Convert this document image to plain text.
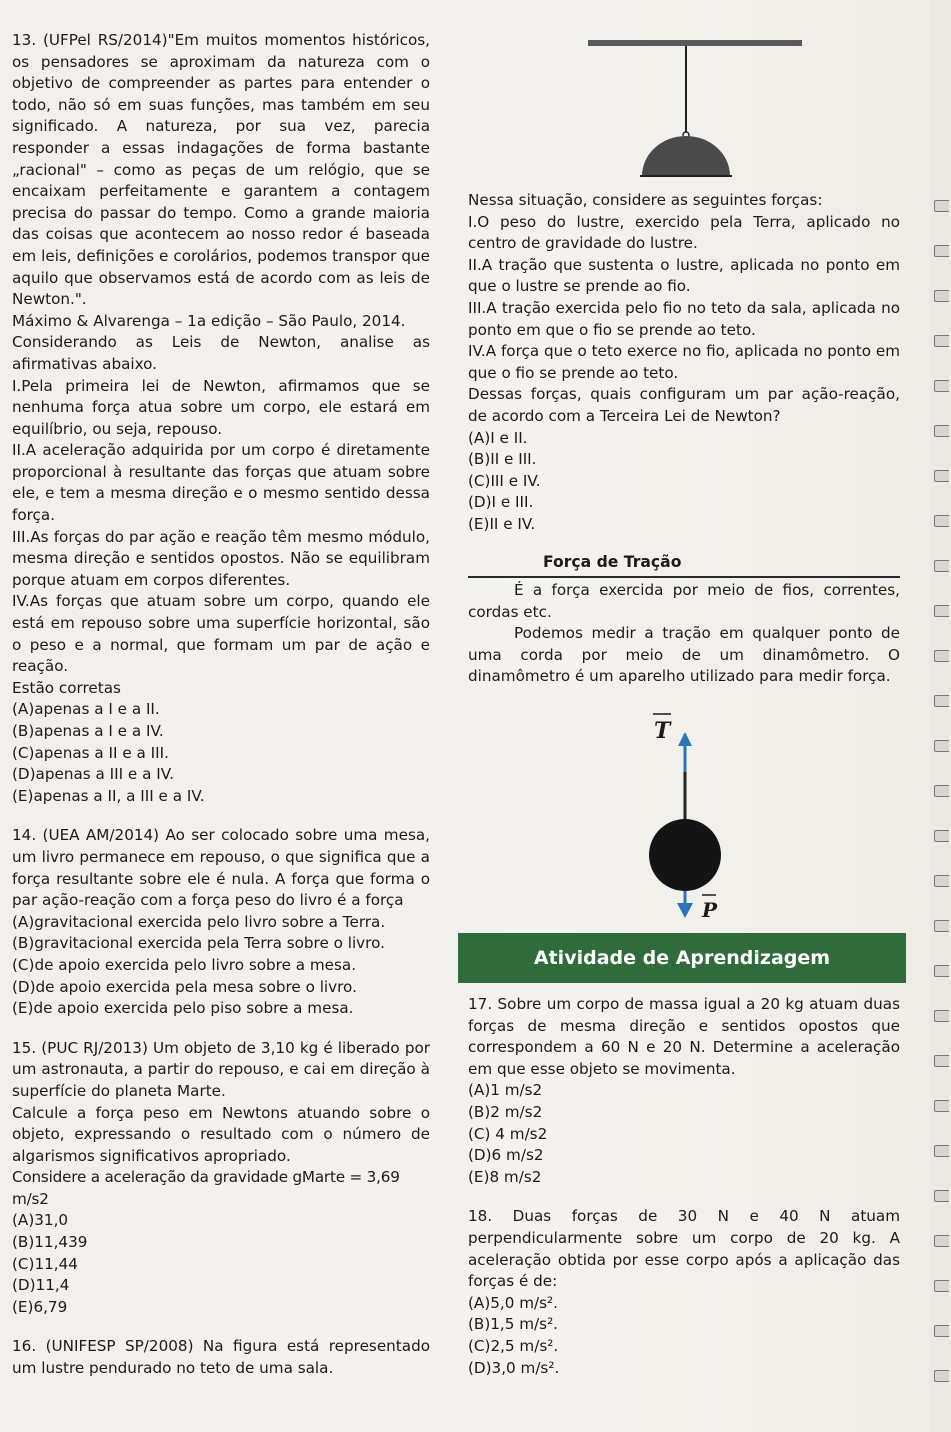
13. (UFPel RS/2014)"Em muitos momentos históricos, os pensadores se aproximam da natureza com o objetivo de compreender as partes para entender o todo, não só em suas funções, mas também em seu significado. A natureza, por sua vez, parecia responder a essas indagações de forma bastante „racional" – como as peças de um relógio, que se encaixam perfeitamente e garantem a contagem precisa do passar do tempo. Como a grande maioria das coisas que acontecem ao nosso redor é baseada em leis, definições e corolários, podemos transpor que aquilo que observamos está de acordo com as leis de Newton.".

Máximo & Alvarenga – 1a edição – São Paulo, 2014.

Considerando as Leis de Newton, analise as afirmativas abaixo.

I.Pela primeira lei de Newton, afirmamos que se nenhuma força atua sobre um corpo, ele estará em equilíbrio, ou seja, repouso.

II.A aceleração adquirida por um corpo é diretamente proporcional à resultante das forças que atuam sobre ele, e tem a mesma direção e o mesmo sentido dessa força.

III.As forças do par ação e reação têm mesmo módulo, mesma direção e sentidos opostos. Não se equilibram porque atuam em corpos diferentes.

IV.As forças que atuam sobre um corpo, quando ele está em repouso sobre uma superfície horizontal, são o peso e a normal, que formam um par de ação e reação.

Estão corretas

(A)apenas a I e a II.

(B)apenas a I e a IV.

(C)apenas a II e a III.

(D)apenas a III e a IV.

(E)apenas a II, a III e a IV.

14. (UEA AM/2014) Ao ser colocado sobre uma mesa, um livro permanece em repouso, o que significa que a força resultante sobre ele é nula. A força que forma o par ação-reação com a força peso do livro é a força

(A)gravitacional exercida pelo livro sobre a Terra.

(B)gravitacional exercida pela Terra sobre o livro.

(C)de apoio exercida pelo livro sobre a mesa.

(D)de apoio exercida pela mesa sobre o livro.

(E)de apoio exercida pelo piso sobre a mesa.

15. (PUC RJ/2013) Um objeto de 3,10 kg é liberado por um astronauta, a partir do repouso, e cai em direção à superfície do planeta Marte.

Calcule a força peso em Newtons atuando sobre o objeto, expressando o resultado com o número de algarismos significativos apropriado.

Considere a aceleração da gravidade gMarte = 3,69 m/s2

(A)31,0

(B)11,439

(C)11,44

(D)11,4

(E)6,79

16. (UNIFESP SP/2008) Na figura está representado um lustre pendurado no teto de uma sala.

Nessa situação, considere as seguintes forças:

I.O peso do lustre, exercido pela Terra, aplicado no centro de gravidade do lustre.

II.A tração que sustenta o lustre, aplicada no ponto em que o lustre se prende ao fio.

III.A tração exercida pelo fio no teto da sala, aplicada no ponto em que o fio se prende ao teto.

IV.A força que o teto exerce no fio, aplicada no ponto em que o fio se prende ao teto.

Dessas forças, quais configuram um par ação-reação, de acordo com a Terceira Lei de Newton?

(A)I e II.

(B)II e III.

(C)III e IV.

(D)I e III.

(E)II e IV.

Força de Tração

É a força exercida por meio de fios, correntes, cordas etc.

Podemos medir a tração em qualquer ponto de uma corda por meio de um dinamômetro. O dinamômetro é um aparelho utilizado para medir força.

T
P
Atividade de Aprendizagem

17. Sobre um corpo de massa igual a 20 kg atuam duas forças de mesma direção e sentidos opostos que correspondem a 60 N e 20 N. Determine a aceleração em que esse objeto se movimenta.

(A)1 m/s2

(B)2 m/s2

(C) 4 m/s2

(D)6 m/s2

(E)8 m/s2

18. Duas forças de 30 N e 40 N atuam perpendicularmente sobre um corpo de 20 kg. A aceleração obtida por esse corpo após a aplicação das forças é de:

(A)5,0 m/s².

(B)1,5 m/s².

(C)2,5 m/s².

(D)3,0 m/s².
